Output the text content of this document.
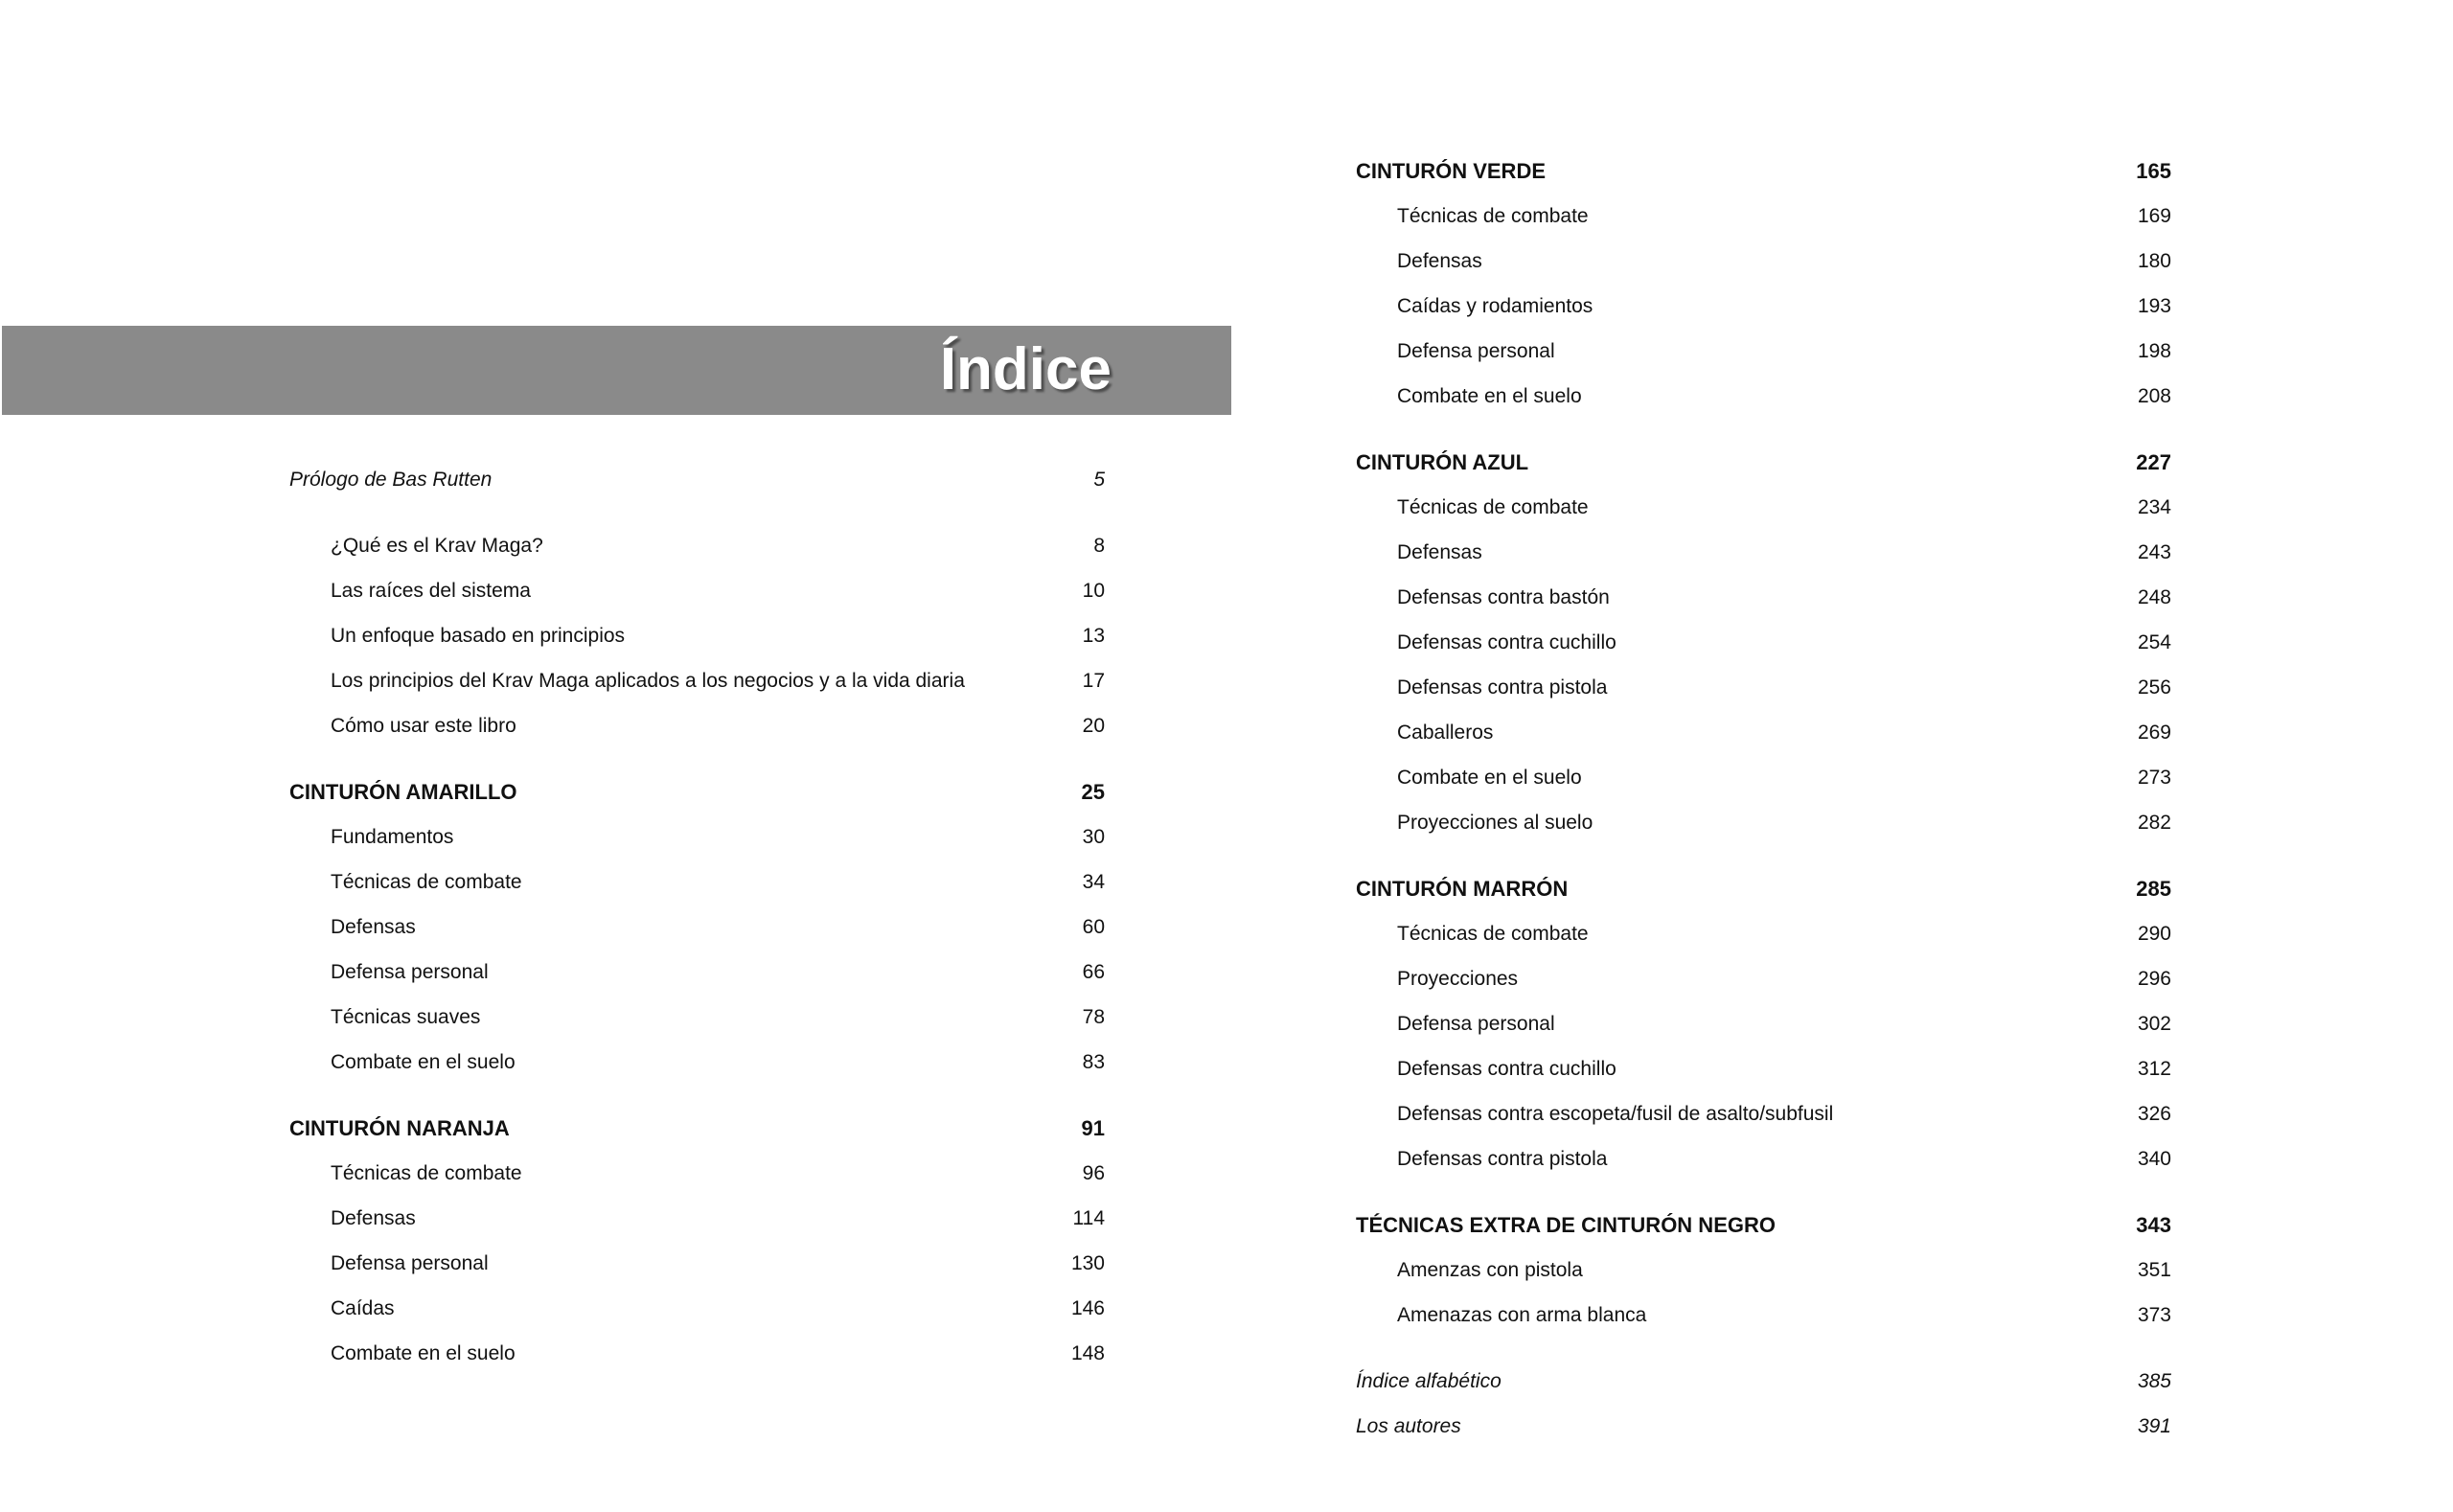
Índice
Prólogo de Bas Rutten	5
¿Qué es el Krav Maga?	8
Las raíces del sistema	10
Un enfoque basado en principios	13
Los principios del Krav Maga aplicados a los negocios y a la vida diaria	17
Cómo usar este libro	20
CINTURÓN AMARILLO	25
Fundamentos	30
Técnicas de combate	34
Defensas	60
Defensa personal	66
Técnicas suaves	78
Combate en el suelo	83
CINTURÓN NARANJA	91
Técnicas de combate	96
Defensas	114
Defensa personal	130
Caídas	146
Combate en el suelo	148
CINTURÓN VERDE	165
Técnicas de combate	169
Defensas	180
Caídas y rodamientos	193
Defensa personal	198
Combate en el suelo	208
CINTURÓN AZUL	227
Técnicas de combate	234
Defensas	243
Defensas contra bastón	248
Defensas contra cuchillo	254
Defensas contra pistola	256
Caballeros	269
Combate en el suelo	273
Proyecciones al suelo	282
CINTURÓN MARRÓN	285
Técnicas de combate	290
Proyecciones	296
Defensa personal	302
Defensas contra cuchillo	312
Defensas contra escopeta/fusil de asalto/subfusil	326
Defensas contra pistola	340
TÉCNICAS EXTRA DE CINTURÓN NEGRO	343
Amenzas con pistola	351
Amenazas con arma blanca	373
Índice alfabético	385
Los autores	391
